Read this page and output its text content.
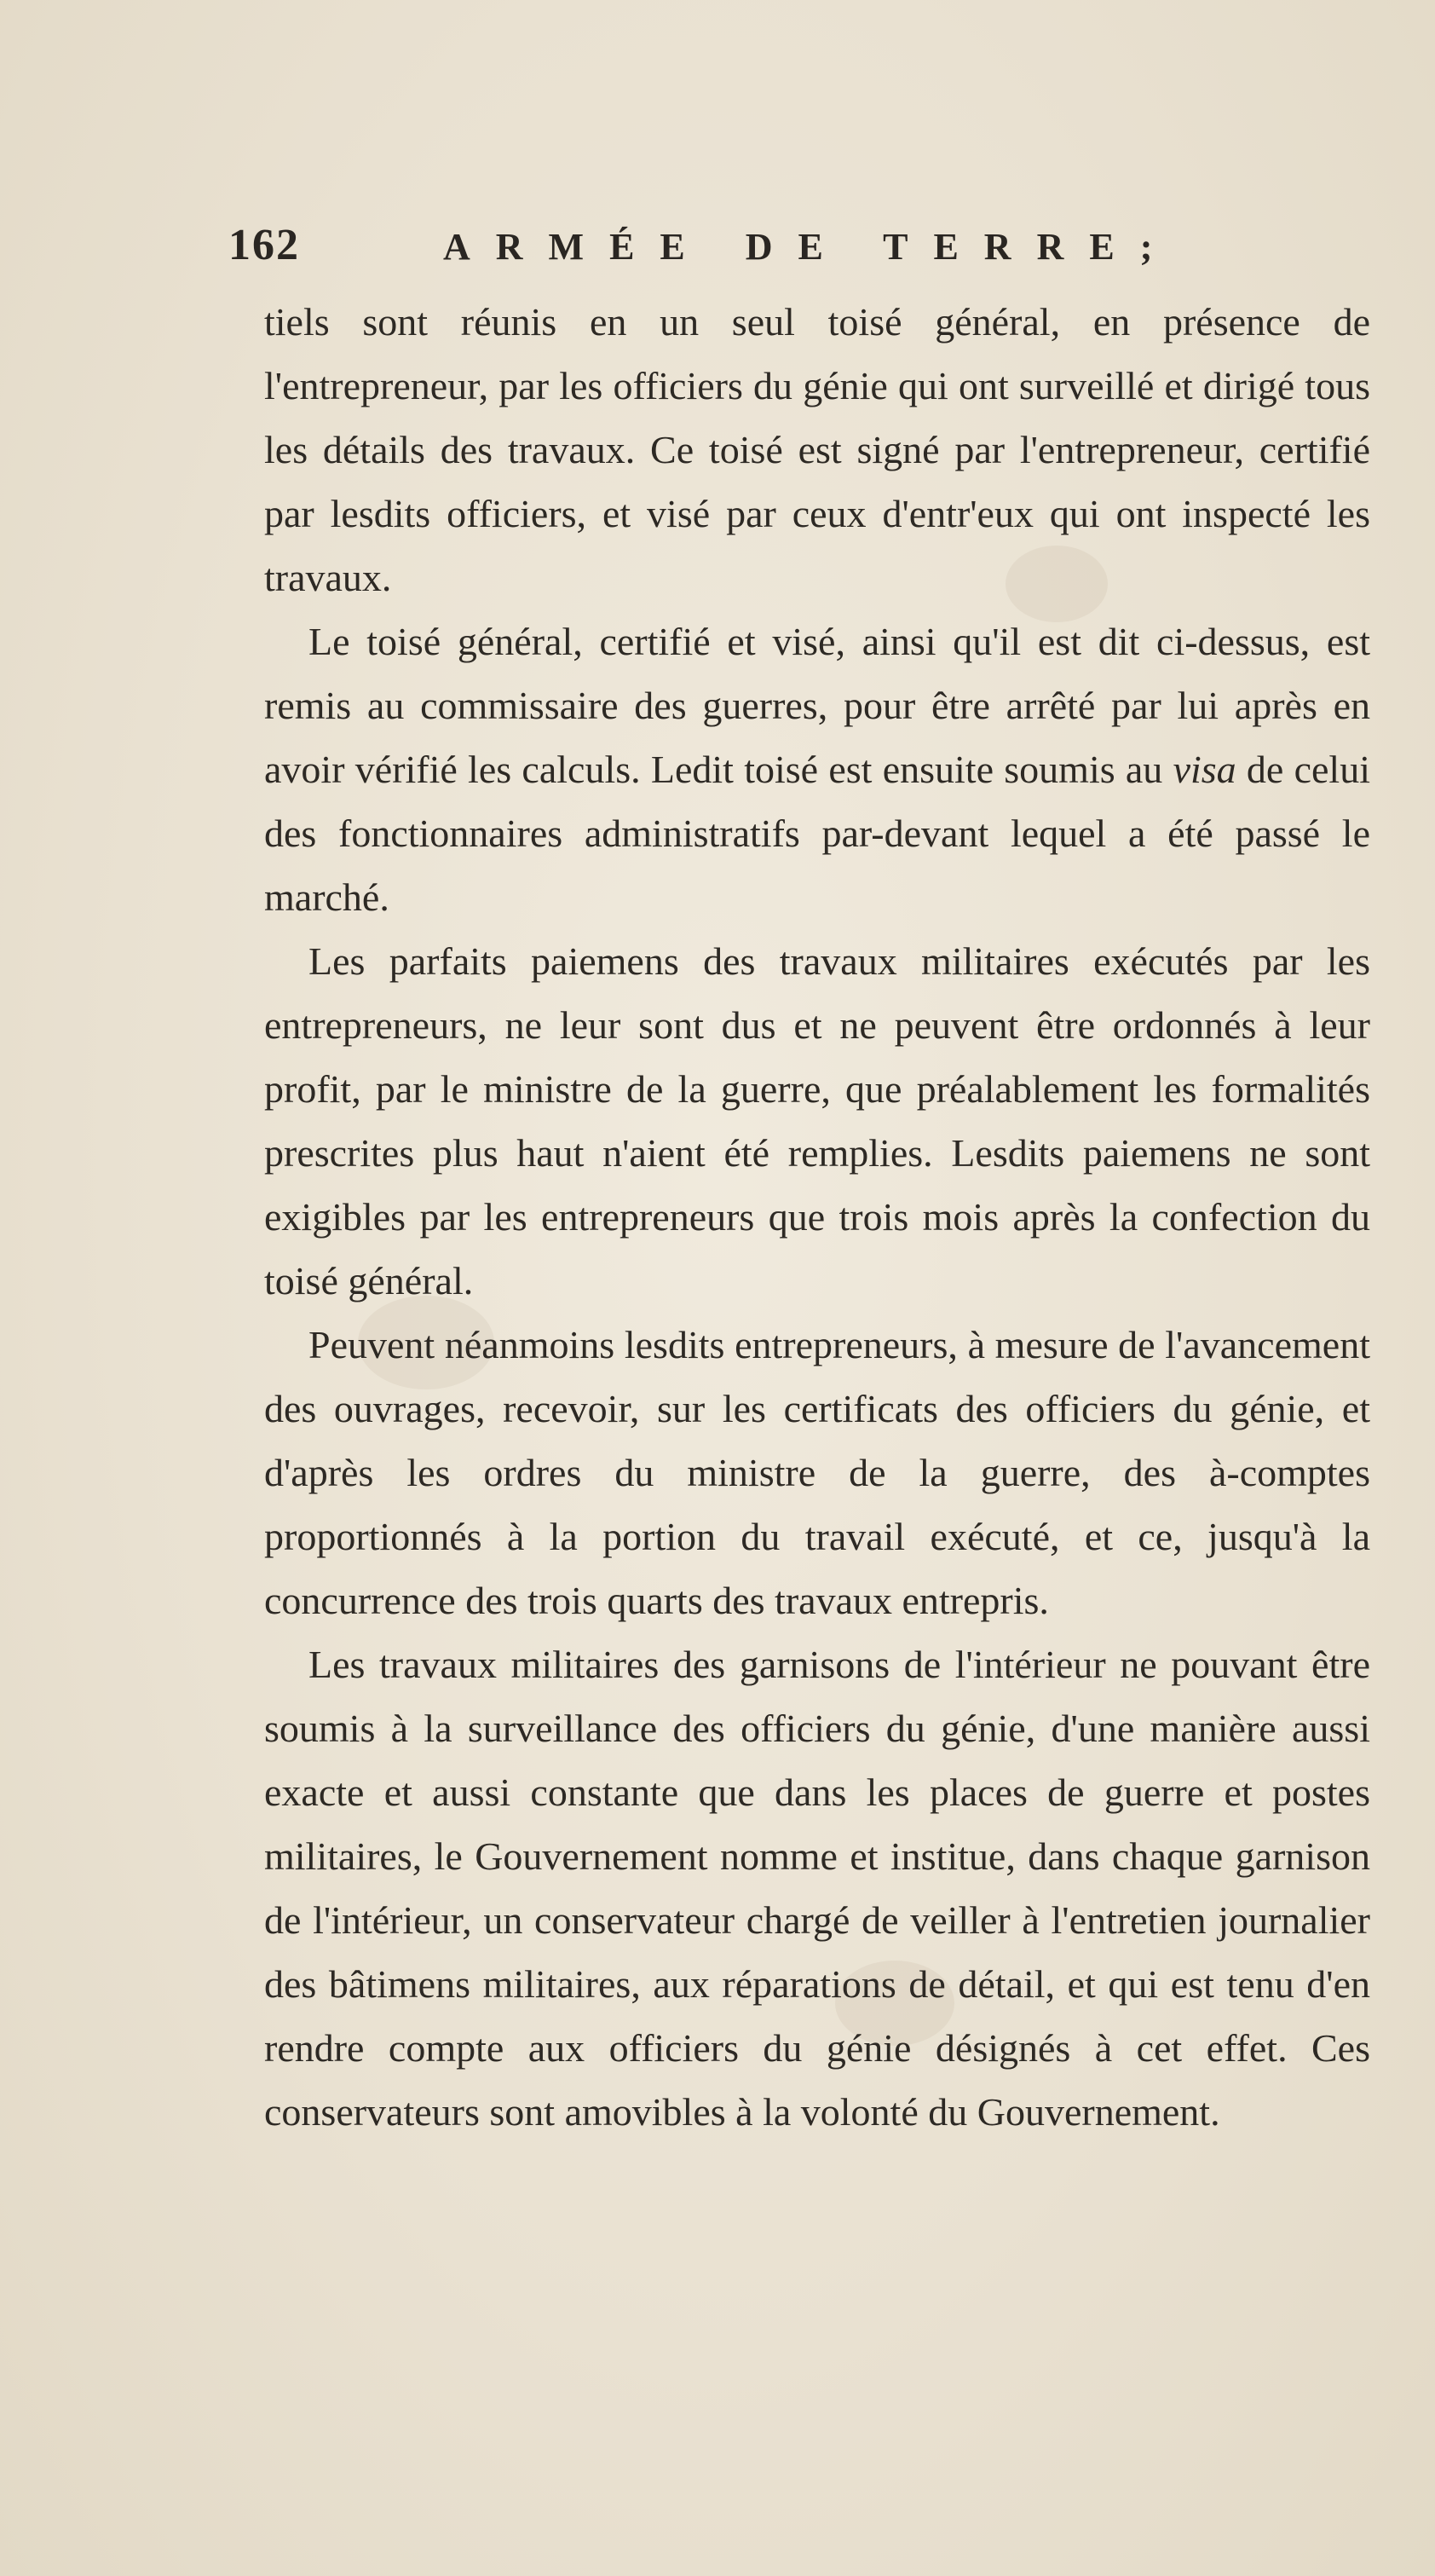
162	ARMÉE DE TERRE;

tiels sont réunis en un seul toisé général, en présence de l'entrepreneur, par les officiers du génie qui ont surveillé et dirigé tous les détails des travaux. Ce toisé est signé par l'entrepreneur, certifié par lesdits officiers, et visé par ceux d'entr'eux qui ont inspecté les travaux.

Le toisé général, certifié et visé, ainsi qu'il est dit ci-dessus, est remis au commissaire des guerres, pour être arrêté par lui après en avoir vérifié les calculs. Ledit toisé est ensuite soumis au visa de celui des fonctionnaires administratifs par-devant lequel a été passé le marché.

Les parfaits paiemens des travaux militaires exécutés par les entrepreneurs, ne leur sont dus et ne peuvent être ordonnés à leur profit, par le ministre de la guerre, que préalablement les formalités prescrites plus haut n'aient été remplies. Lesdits paiemens ne sont exigibles par les entrepreneurs que trois mois après la confection du toisé général.

Peuvent néanmoins lesdits entrepreneurs, à mesure de l'avancement des ouvrages, recevoir, sur les certificats des officiers du génie, et d'après les ordres du ministre de la guerre, des à-comptes proportionnés à la portion du travail exécuté, et ce, jusqu'à la concurrence des trois quarts des travaux entrepris.

Les travaux militaires des garnisons de l'intérieur ne pouvant être soumis à la surveillance des officiers du génie, d'une manière aussi exacte et aussi constante que dans les places de guerre et postes militaires, le Gouvernement nomme et institue, dans chaque garnison de l'intérieur, un conservateur chargé de veiller à l'entretien journalier des bâtimens militaires, aux réparations de détail, et qui est tenu d'en rendre compte aux officiers du génie désignés à cet effet. Ces conservateurs sont amovibles à la volonté du Gouvernement.
